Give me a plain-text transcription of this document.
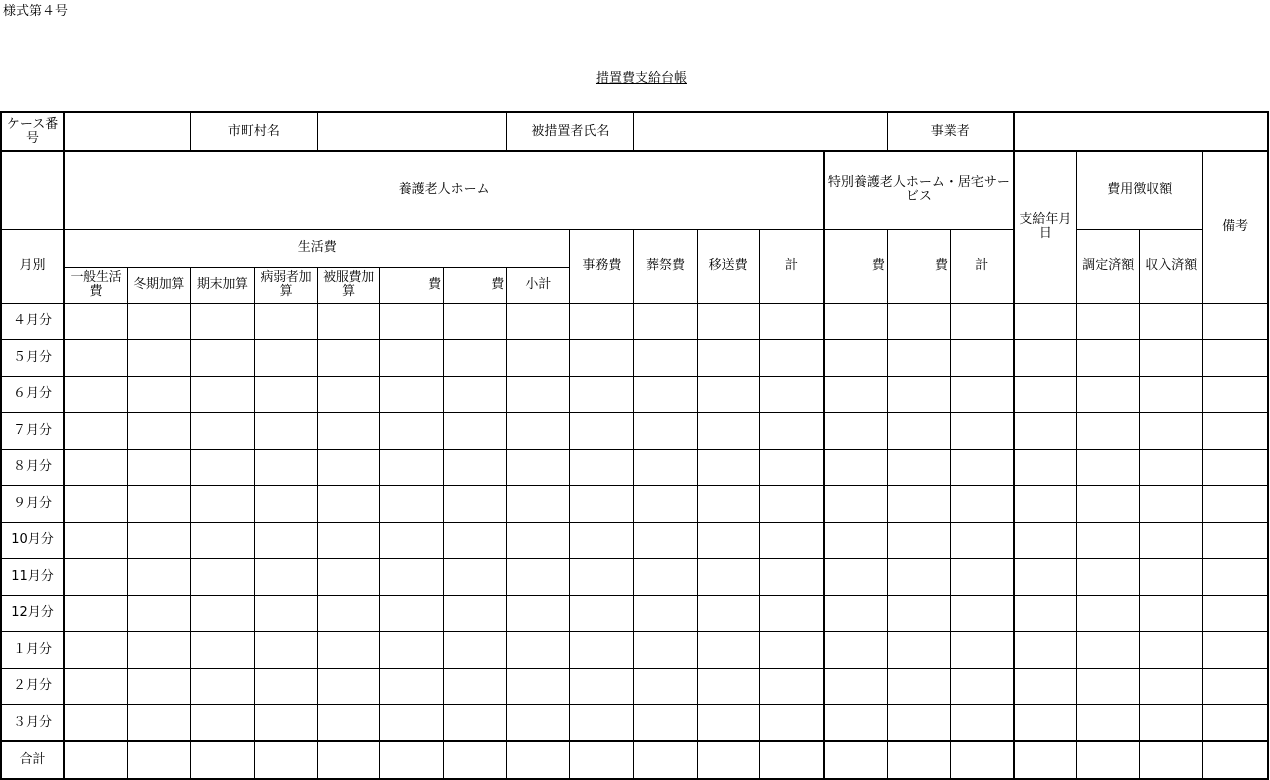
様式第４号
措置費支給台帳
ケース番号			市町村名					被措置者氏名						事業者					
	養護老人ホーム												特別養護老人ホーム・居宅サービス			支給年月日	費用徴収額		備考
月別	生活費								事務費	葬祭費	移送費	計	費	費	計		調定済額	収入済額	
	一般生活費	冬期加算	期末加算	病弱者加算	被服費加算	費	費	小計											
４月分																			
５月分																			
６月分																			
７月分																			
８月分																			
９月分																			
10月分																			
11月分																			
12月分																			
１月分																			
２月分																			
３月分																			
合計																			
